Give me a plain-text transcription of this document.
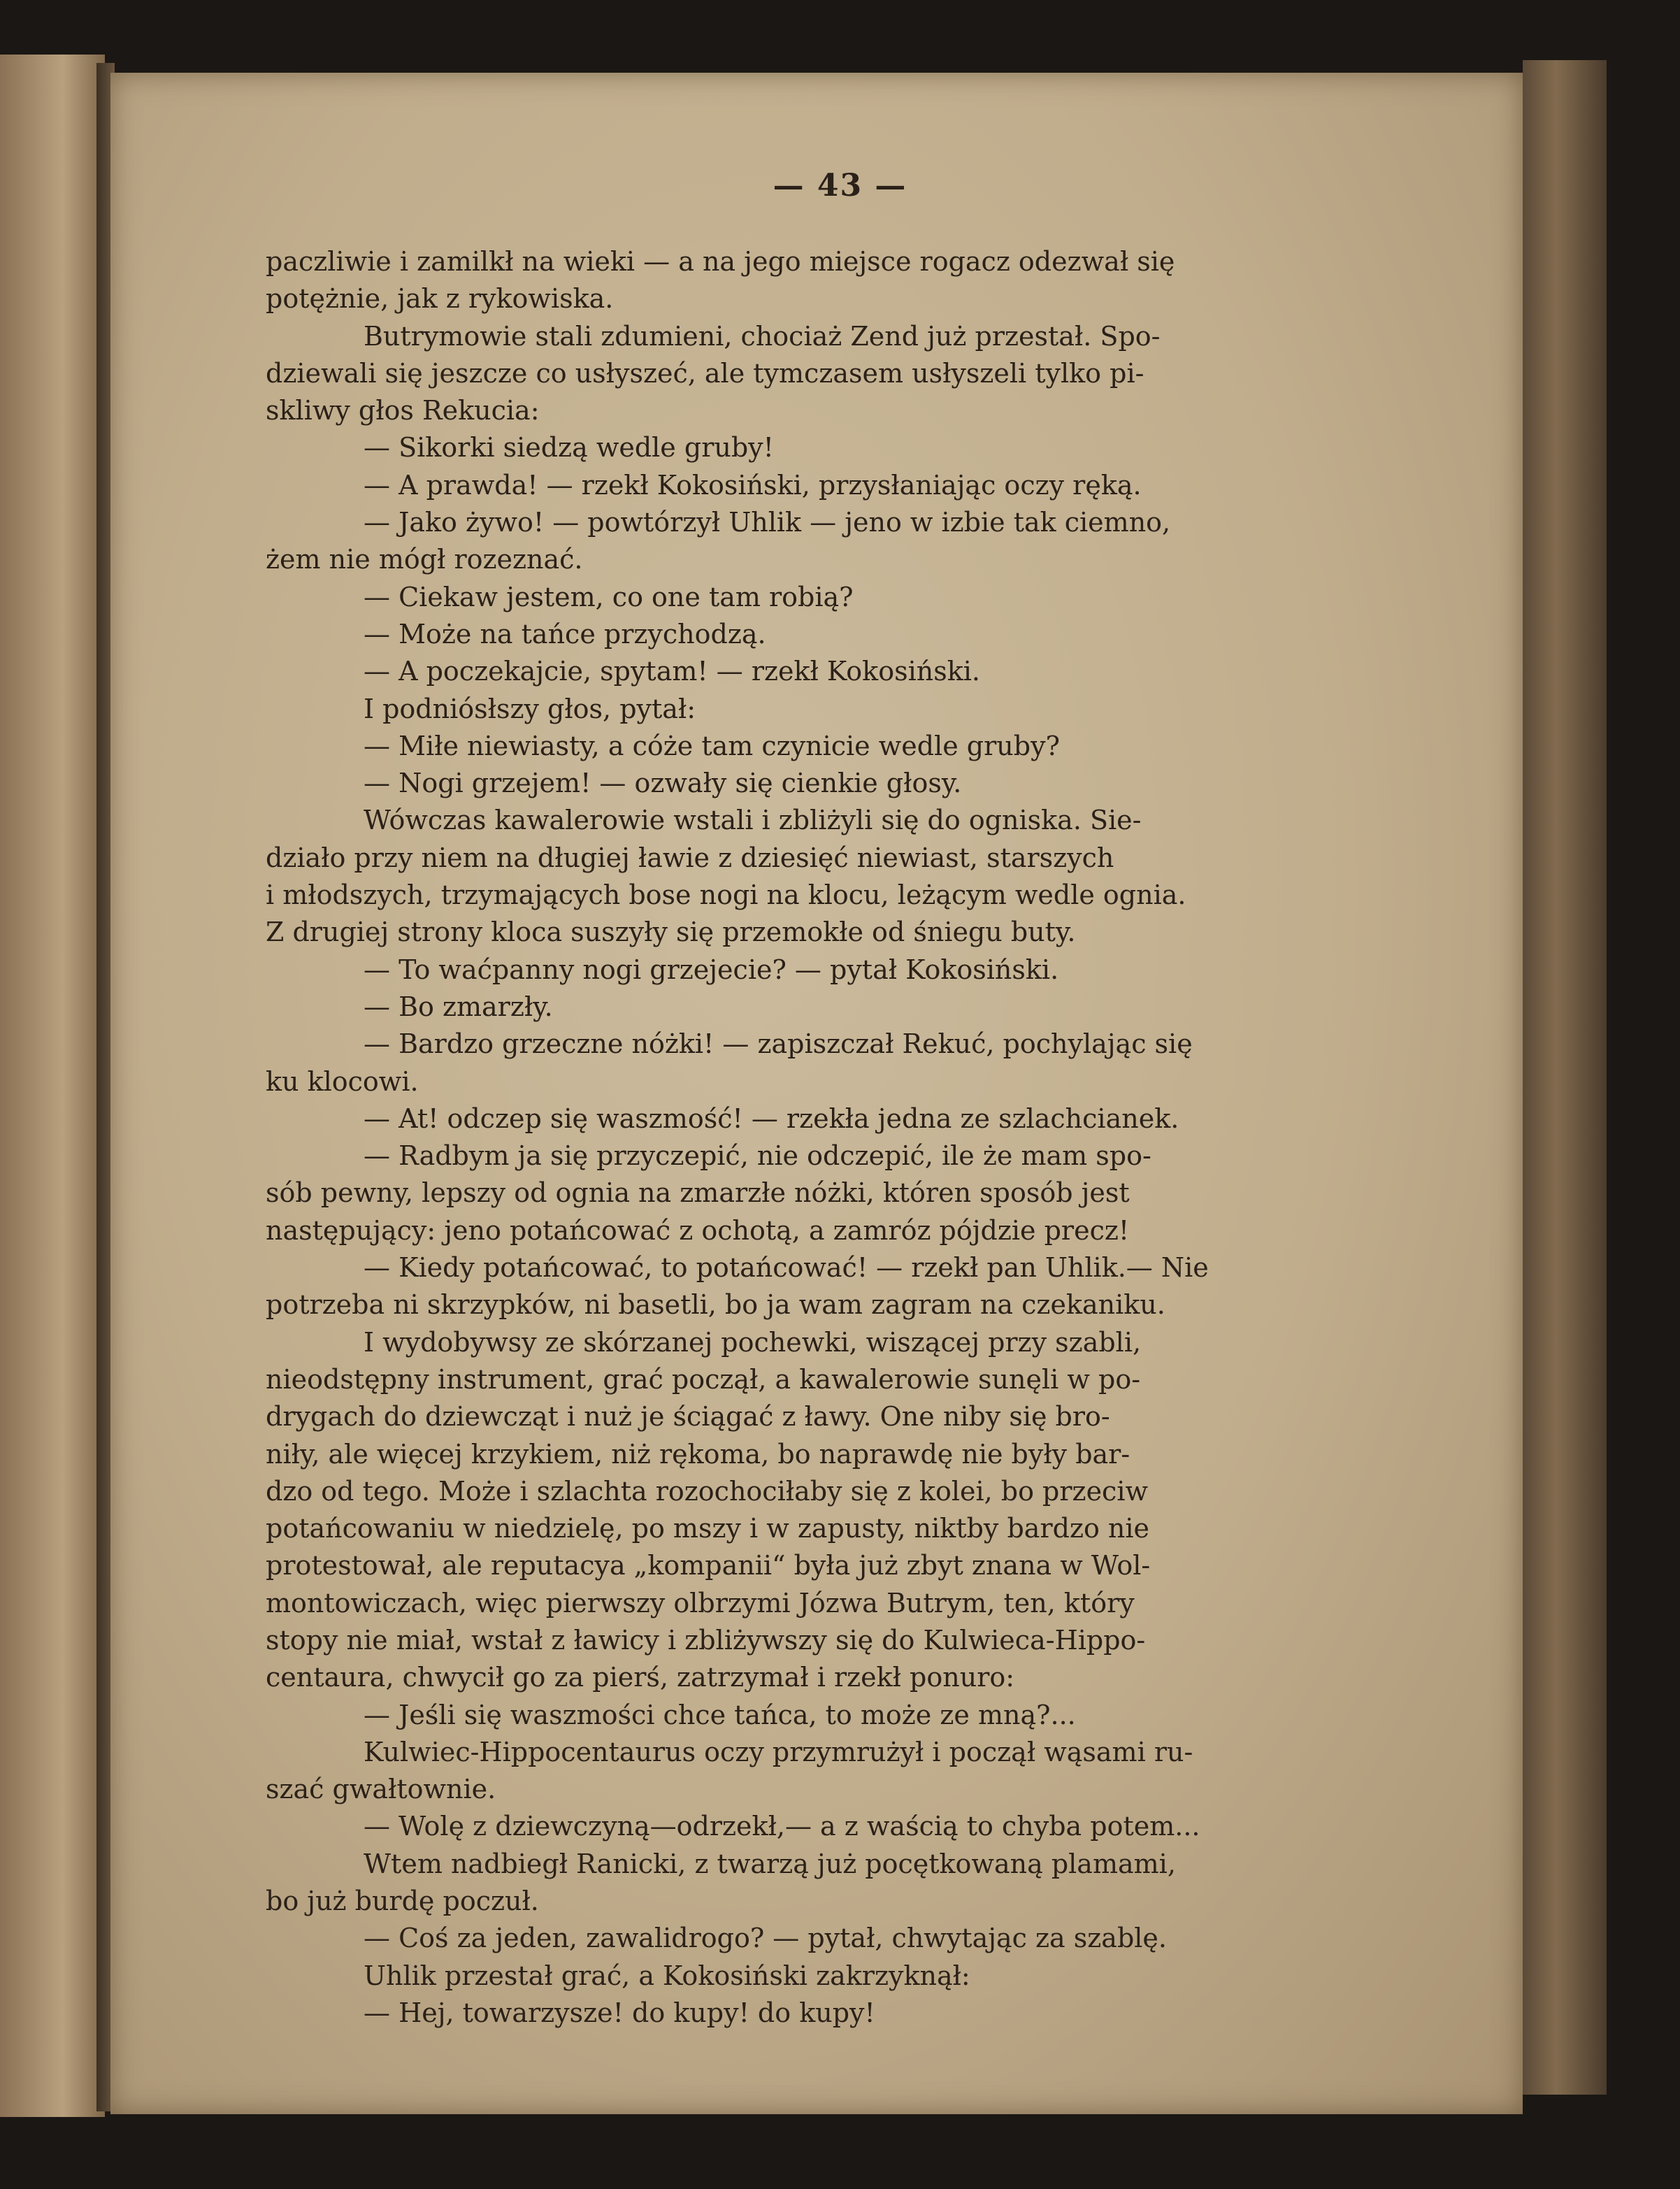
— 43 —
paczliwie i zamilkł na wieki — a na jego miejsce rogacz odezwał się
potężnie, jak z rykowiska.
Butrymowie stali zdumieni, chociaż Zend już przestał. Spo-
dziewali się jeszcze co usłyszeć, ale tymczasem usłyszeli tylko pi-
skliwy głos Rekucia:
— Sikorki siedzą wedle gruby!
— A prawda! — rzekł Kokosiński, przysłaniając oczy ręką.
— Jako żywo! — powtórzył Uhlik — jeno w izbie tak ciemno,
żem nie mógł rozeznać.
— Ciekaw jestem, co one tam robią?
— Może na tańce przychodzą.
— A poczekajcie, spytam! — rzekł Kokosiński.
I podniósłszy głos, pytał:
— Miłe niewiasty, a cóże tam czynicie wedle gruby?
— Nogi grzejem! — ozwały się cienkie głosy.
Wówczas kawalerowie wstali i zbliżyli się do ogniska. Sie-
działo przy niem na długiej ławie z dziesięć niewiast, starszych
i młodszych, trzymających bose nogi na klocu, leżącym wedle ognia.
Z drugiej strony kloca suszyły się przemokłe od śniegu buty.
— To waćpanny nogi grzejecie? — pytał Kokosiński.
— Bo zmarzły.
— Bardzo grzeczne nóżki! — zapiszczał Rekuć, pochylając się
ku klocowi.
— At! odczep się waszmość! — rzekła jedna ze szlachcianek.
— Radbym ja się przyczepić, nie odczepić, ile że mam spo-
sób pewny, lepszy od ognia na zmarzłe nóżki, któren sposób jest
następujący: jeno potańcować z ochotą, a zamróz pójdzie precz!
— Kiedy potańcować, to potańcować! — rzekł pan Uhlik.— Nie
potrzeba ni skrzypków, ni basetli, bo ja wam zagram na czekaniku.
I wydobywsy ze skórzanej pochewki, wiszącej przy szabli,
nieodstępny instrument, grać począł, a kawalerowie sunęli w po-
drygach do dziewcząt i nuż je ściągać z ławy. One niby się bro-
niły, ale więcej krzykiem, niż rękoma, bo naprawdę nie były bar-
dzo od tego. Może i szlachta rozochociłaby się z kolei, bo przeciw
potańcowaniu w niedzielę, po mszy i w zapusty, niktby bardzo nie
protestował, ale reputacya „kompanii“ była już zbyt znana w Wol-
montowiczach, więc pierwszy olbrzymi Józwa Butrym, ten, który
stopy nie miał, wstał z ławicy i zbliżywszy się do Kulwieca-Hippo-
centaura, chwycił go za pierś, zatrzymał i rzekł ponuro:
— Jeśli się waszmości chce tańca, to może ze mną?...
Kulwiec-Hippocentaurus oczy przymrużył i począł wąsami ru-
szać gwałtownie.
— Wolę z dziewczyną—odrzekł,— a z waścią to chyba potem...
Wtem nadbiegł Ranicki, z twarzą już pocętkowaną plamami,
bo już burdę poczuł.
— Coś za jeden, zawalidrogo? — pytał, chwytając za szablę.
Uhlik przestał grać, a Kokosiński zakrzyknął:
— Hej, towarzysze! do kupy! do kupy!
